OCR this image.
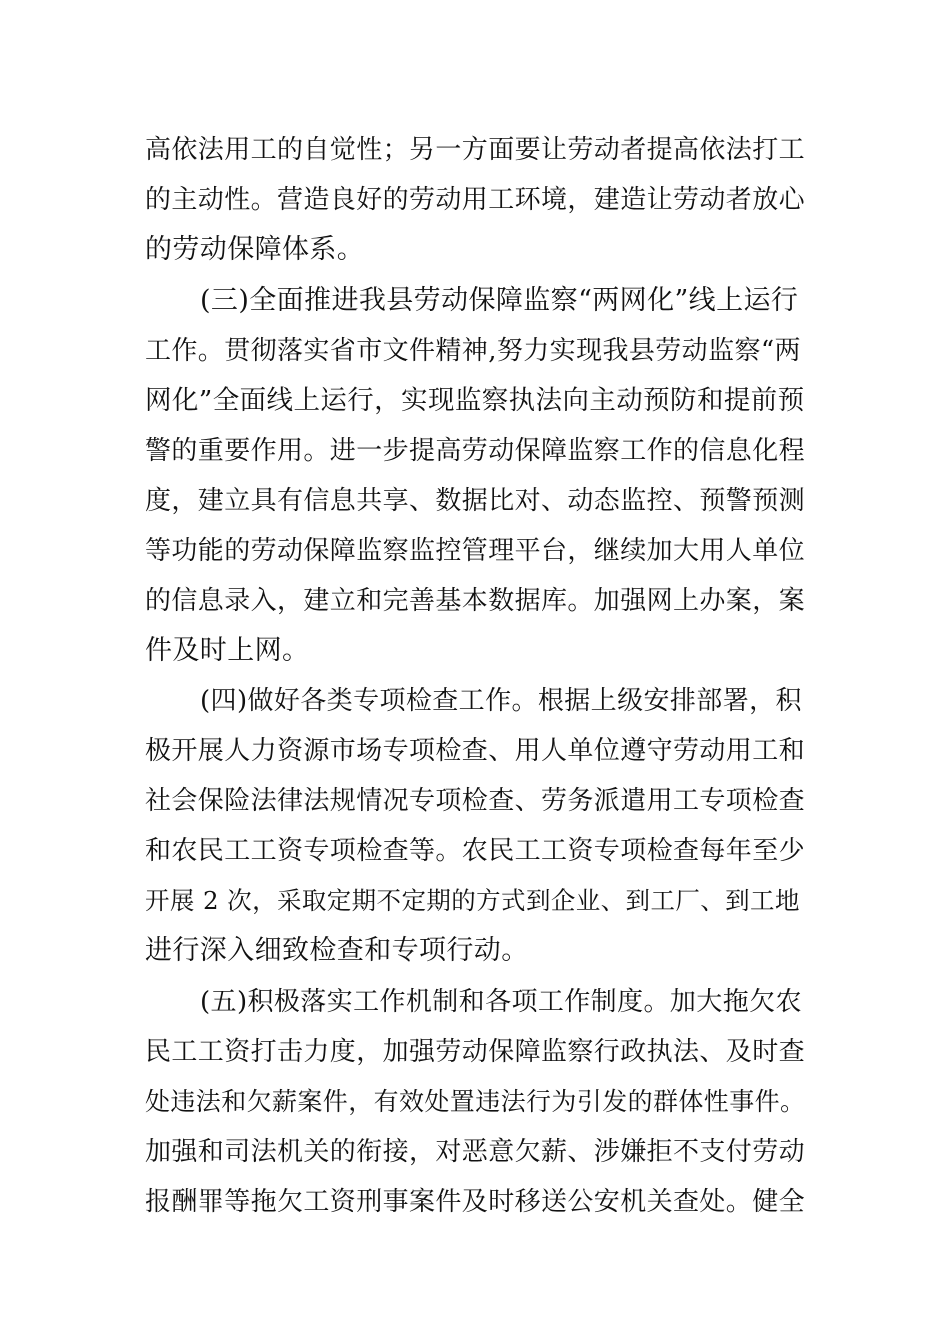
高依法用工的自觉性；另一方面要让劳动者提高依法打工
的主动性。营造良好的劳动用工环境，建造让劳动者放心
的劳动保障体系。
(三)全面推进我县劳动保障监察“两网化”线上运行
工作。贯彻落实省市文件精神,努力实现我县劳动监察“两
网化”全面线上运行，实现监察执法向主动预防和提前预
警的重要作用。进一步提高劳动保障监察工作的信息化程
度，建立具有信息共享、数据比对、动态监控、预警预测
等功能的劳动保障监察监控管理平台，继续加大用人单位
的信息录入，建立和完善基本数据库。加强网上办案，案
件及时上网。
(四)做好各类专项检查工作。根据上级安排部署，积
极开展人力资源市场专项检查、用人单位遵守劳动用工和
社会保险法律法规情况专项检查、劳务派遣用工专项检查
和农民工工资专项检查等。农民工工资专项检查每年至少
开展 2 次，采取定期不定期的方式到企业、到工厂、到工地
进行深入细致检查和专项行动。
(五)积极落实工作机制和各项工作制度。加大拖欠农
民工工资打击力度，加强劳动保障监察行政执法、及时查
处违法和欠薪案件，有效处置违法行为引发的群体性事件。
加强和司法机关的衔接，对恶意欠薪、涉嫌拒不支付劳动
报酬罪等拖欠工资刑事案件及时移送公安机关查处。健全
